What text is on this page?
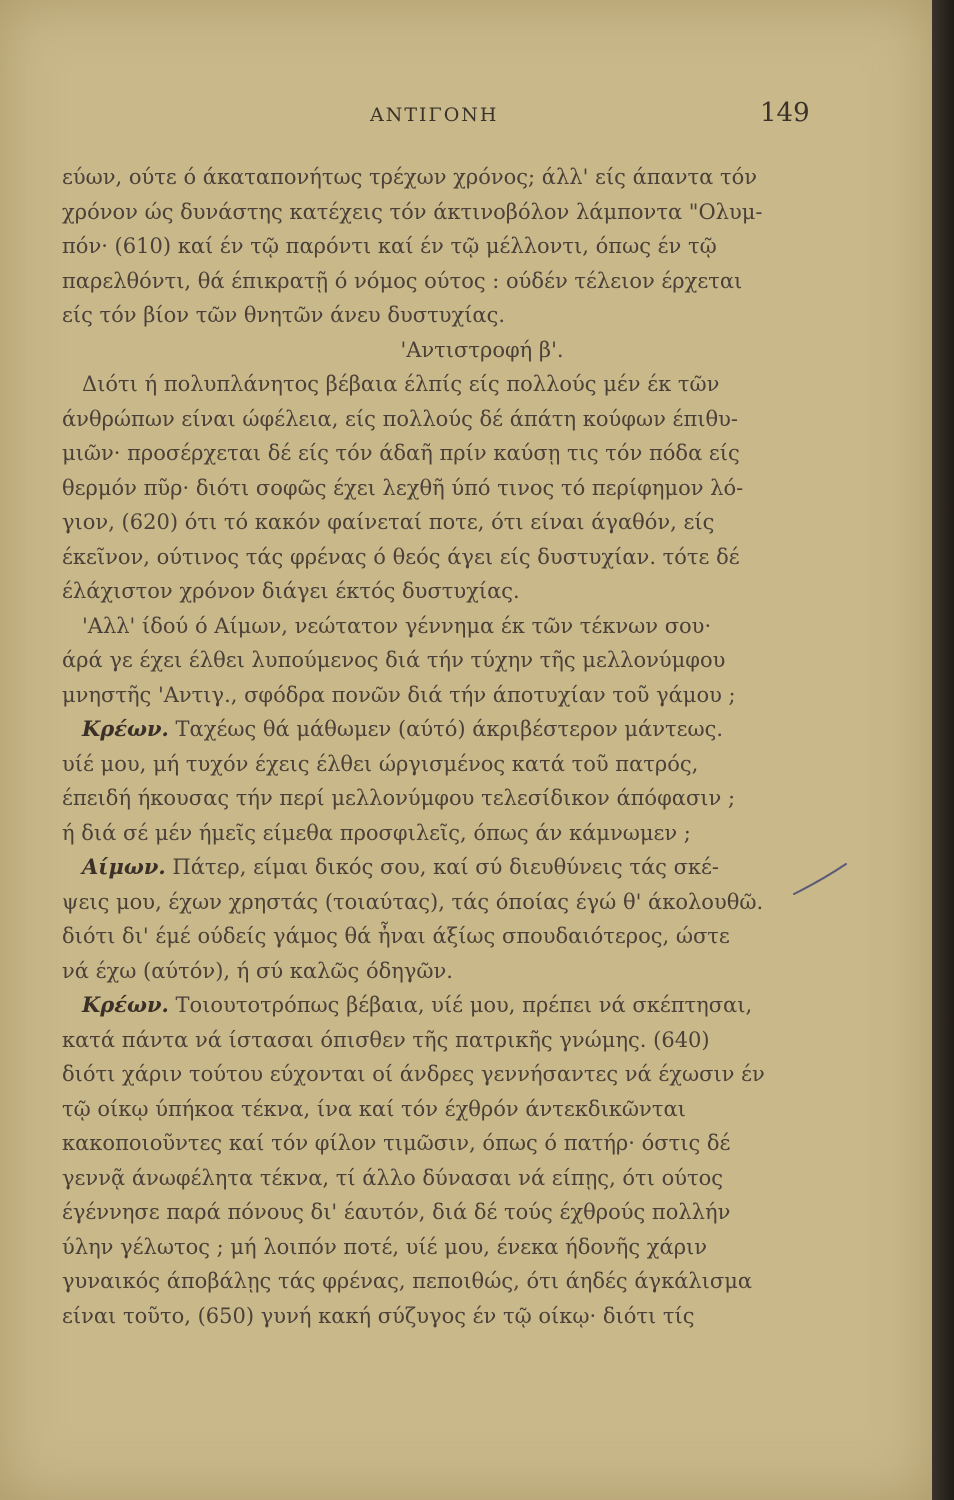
ΑΝΤΙΓΟΝΗ	149
εύων, ούτε ό άκαταπονήτως τρέχων χρόνος; άλλ' είς άπαντα τόν
χρόνον ώς δυνάστης κατέχεις τόν άκτινοβόλον λάμποντα "Ολυμ-
πόν· (610) καί έν τῷ παρόντι καί έν τῷ μέλλοντι, όπως έν τῷ
παρελθόντι, θά έπικρατῇ ό νόμος ούτος : ούδέν τέλειον έρχεται
είς τόν βίον τῶν θνητῶν άνευ δυστυχίας.
'Αντιστροφή β'.
Διότι ή πολυπλάνητος βέβαια έλπίς είς πολλούς μέν έκ τῶν
άνθρώπων είναι ώφέλεια, είς πολλούς δέ άπάτη κούφων έπιθυ-
μιῶν· προσέρχεται δέ είς τόν άδαῆ πρίν καύσῃ τις τόν πόδα είς
θερμόν πῦρ· διότι σοφῶς έχει λεχθῆ ύπό τινος τό περίφημον λό-
γιον, (620) ότι τό κακόν φαίνεταί ποτε, ότι είναι άγαθόν, είς
έκεῖνον, ούτινος τάς φρένας ό θεός άγει είς δυστυχίαν. τότε δέ
έλάχιστον χρόνον διάγει έκτός δυστυχίας.
'Αλλ' ίδού ό Αίμων, νεώτατον γέννημα έκ τῶν τέκνων σου·
άρά γε έχει έλθει λυπούμενος διά τήν τύχην τῆς μελλονύμφου
μνηστῆς 'Αντιγ., σφόδρα πονῶν διά τήν άποτυχίαν τοῦ γάμου ;
Κρέων. Ταχέως θά μάθωμεν (αύτό) άκριβέστερον μάντεως.
υίέ μου, μή τυχόν έχεις έλθει ώργισμένος κατά τοῦ πατρός,
έπειδή ήκουσας τήν περί μελλονύμφου τελεσίδικον άπόφασιν ;
ή διά σέ μέν ήμεῖς είμεθα προσφιλεῖς, όπως άν κάμνωμεν ;
Αίμων. Πάτερ, είμαι δικός σου, καί σύ διευθύνεις τάς σκέ-
ψεις μου, έχων χρηστάς (τοιαύτας), τάς όποίας έγώ θ' άκολουθῶ.
διότι δι' έμέ ούδείς γάμος θά ἦναι άξίως σπουδαιότερος, ώστε
νά έχω (αύτόν), ή σύ καλῶς όδηγῶν.
Κρέων. Τοιουτοτρόπως βέβαια, υίέ μου, πρέπει νά σκέπτησαι,
κατά πάντα νά ίστασαι όπισθεν τῆς πατρικῆς γνώμης. (640)
διότι χάριν τούτου εύχονται οί άνδρες γεννήσαντες νά έχωσιν έν
τῷ οίκῳ ύπήκοα τέκνα, ίνα καί τόν έχθρόν άντεκδικῶνται
κακοποιοῦντες καί τόν φίλον τιμῶσιν, όπως ό πατήρ· όστις δέ
γεννᾷ άνωφέλητα τέκνα, τί άλλο δύνασαι νά είπῃς, ότι ούτος
έγέννησε παρά πόνους δι' έαυτόν, διά δέ τούς έχθρούς πολλήν
ύλην γέλωτος ; μή λοιπόν ποτέ, υίέ μου, ένεκα ήδονῆς χάριν
γυναικός άποβάλῃς τάς φρένας, πεποιθώς, ότι άηδές άγκάλισμα
είναι τοῦτο, (650) γυνή κακή σύζυγος έν τῷ οίκῳ· διότι τίς
